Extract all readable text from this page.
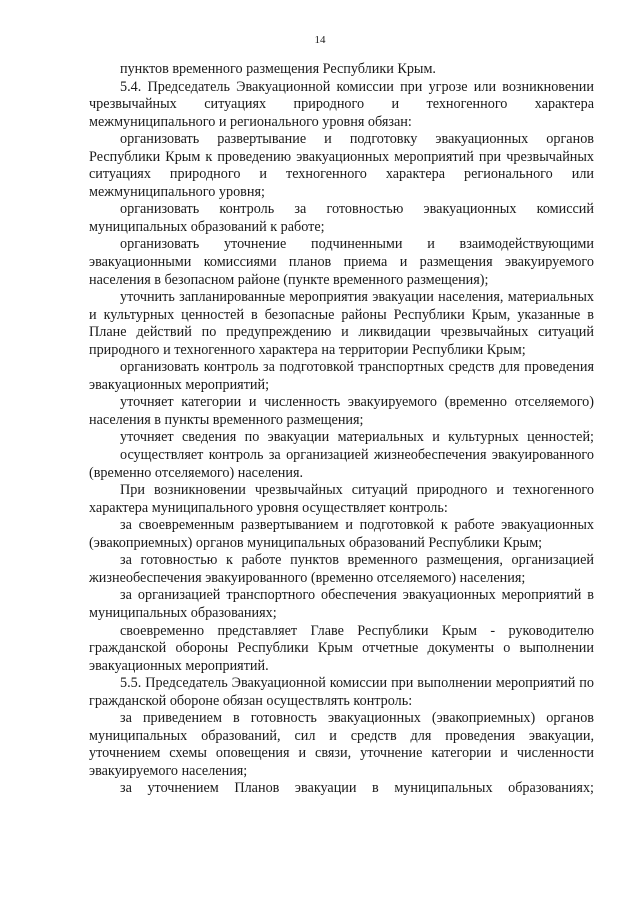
14

пунктов временного размещения Республики Крым.

5.4. Председатель Эвакуационной комиссии при угрозе или возникновении чрезвычайных ситуациях природного и техногенного характера межмуниципального и регионального уровня обязан:

организовать развертывание и подготовку эвакуационных органов Республики Крым к проведению эвакуационных мероприятий при чрезвычайных ситуациях природного и техногенного характера регионального или межмуниципального уровня;

организовать контроль за готовностью эвакуационных комиссий муниципальных образований к работе;

организовать уточнение подчиненными и взаимодействующими эвакуационными комиссиями планов приема и размещения эвакуируемого населения в безопасном районе (пункте временного размещения);

уточнить запланированные мероприятия эвакуации населения, материальных и культурных ценностей в безопасные районы Республики Крым, указанные в Плане действий по предупреждению и ликвидации чрезвычайных ситуаций природного и техногенного характера на территории Республики Крым;

организовать контроль за подготовкой транспортных средств для проведения эвакуационных мероприятий;

уточняет категории и численность эвакуируемого (временно отселяемого) населения в пункты временного размещения;

уточняет сведения по эвакуации материальных и культурных ценностей;

осуществляет контроль за организацией жизнеобеспечения эвакуированного (временно отселяемого) населения.

При возникновении чрезвычайных ситуаций природного и техногенного характера муниципального уровня осуществляет контроль:

за своевременным развертыванием и подготовкой к работе эвакуационных (эвакоприемных) органов муниципальных образований Республики Крым;

за готовностью к работе пунктов временного размещения, организацией жизнеобеспечения эвакуированного (временно отселяемого) населения;

за организацией транспортного обеспечения эвакуационных мероприятий в муниципальных образованиях;

своевременно представляет Главе Республики Крым - руководителю гражданской обороны Республики Крым отчетные документы о выполнении эвакуационных мероприятий.

5.5. Председатель Эвакуационной комиссии при выполнении мероприятий по гражданской обороне обязан осуществлять контроль:

за приведением в готовность эвакуационных (эвакоприемных) органов муниципальных образований, сил и средств для проведения эвакуации, уточнением схемы оповещения и связи, уточнение категории и численности эвакуируемого населения;

за уточнением Планов эвакуации в муниципальных образованиях;
